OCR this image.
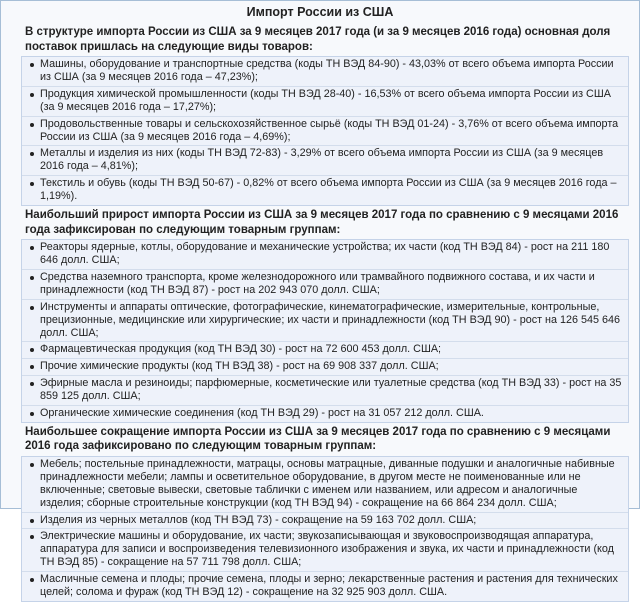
Импорт России из США
В структуре импорта России из США за 9 месяцев 2017 года (и за 9 месяцев 2016 года) основная доля поставок пришлась на следующие виды товаров:
Машины, оборудование и транспортные средства (коды ТН ВЭД 84-90) - 43,03% от всего объема импорта России из США (за 9 месяцев 2016 года – 47,23%);
Продукция химической промышленности (коды ТН ВЭД 28-40) - 16,53% от всего объема импорта России из США (за 9 месяцев 2016 года – 17,27%);
Продовольственные товары и сельскохозяйственное сырьё (коды ТН ВЭД 01-24) - 3,76% от всего объема импорта России из США (за 9 месяцев 2016 года – 4,69%);
Металлы и изделия из них (коды ТН ВЭД 72-83) - 3,29% от всего объема импорта России из США (за 9 месяцев 2016 года – 4,81%);
Текстиль и обувь (коды ТН ВЭД 50-67) - 0,82% от всего объема импорта России из США (за 9 месяцев 2016 года – 1,19%).
Наибольший прирост импорта России из США за 9 месяцев 2017 года по сравнению с 9 месяцами 2016 года зафиксирован по следующим товарным группам:
Реакторы ядерные, котлы, оборудование и механические устройства; их части (код ТН ВЭД 84) - рост на 211 180 646 долл. США;
Средства наземного транспорта, кроме железнодорожного или трамвайного подвижного состава, и их части и принадлежности (код ТН ВЭД 87) - рост на 202 943 070 долл. США;
Инструменты и аппараты оптические, фотографические, кинематографические, измерительные, контрольные, прецизионные, медицинские или хирургические; их части и принадлежности (код ТН ВЭД 90) - рост на 126 545 646 долл. США;
Фармацевтическая продукция (код ТН ВЭД 30) - рост на 72 600 453 долл. США;
Прочие химические продукты (код ТН ВЭД 38) - рост на 69 908 337 долл. США;
Эфирные масла и резиноиды; парфюмерные, косметические или туалетные средства (код ТН ВЭД 33) - рост на 35 859 125 долл. США;
Органические химические соединения (код ТН ВЭД 29) - рост на 31 057 212 долл. США.
Наибольшее сокращение импорта России из США за 9 месяцев 2017 года по сравнению с 9 месяцами 2016 года зафиксировано по следующим товарным группам:
Мебель; постельные принадлежности, матрацы, основы матрацные, диванные подушки и аналогичные набивные принадлежности мебели; лампы и осветительное оборудование, в другом месте не поименованные или не включенные; световые вывески, световые таблички с именем или названием, или адресом и аналогичные изделия; сборные строительные конструкции (код ТН ВЭД 94) - сокращение на 66 864 234 долл. США;
Изделия из черных металлов (код ТН ВЭД 73) - сокращение на 59 163 702 долл. США;
Электрические машины и оборудование, их части; звукозаписывающая и звуковоспроизводящая аппаратура, аппаратура для записи и воспроизведения телевизионного изображения и звука, их части и принадлежности (код ТН ВЭД 85) - сокращение на 57 711 798 долл. США;
Масличные семена и плоды; прочие семена, плоды и зерно; лекарственные растения и растения для технических целей; солома и фураж (код ТН ВЭД 12) - сокращение на 32 925 903 долл. США.
